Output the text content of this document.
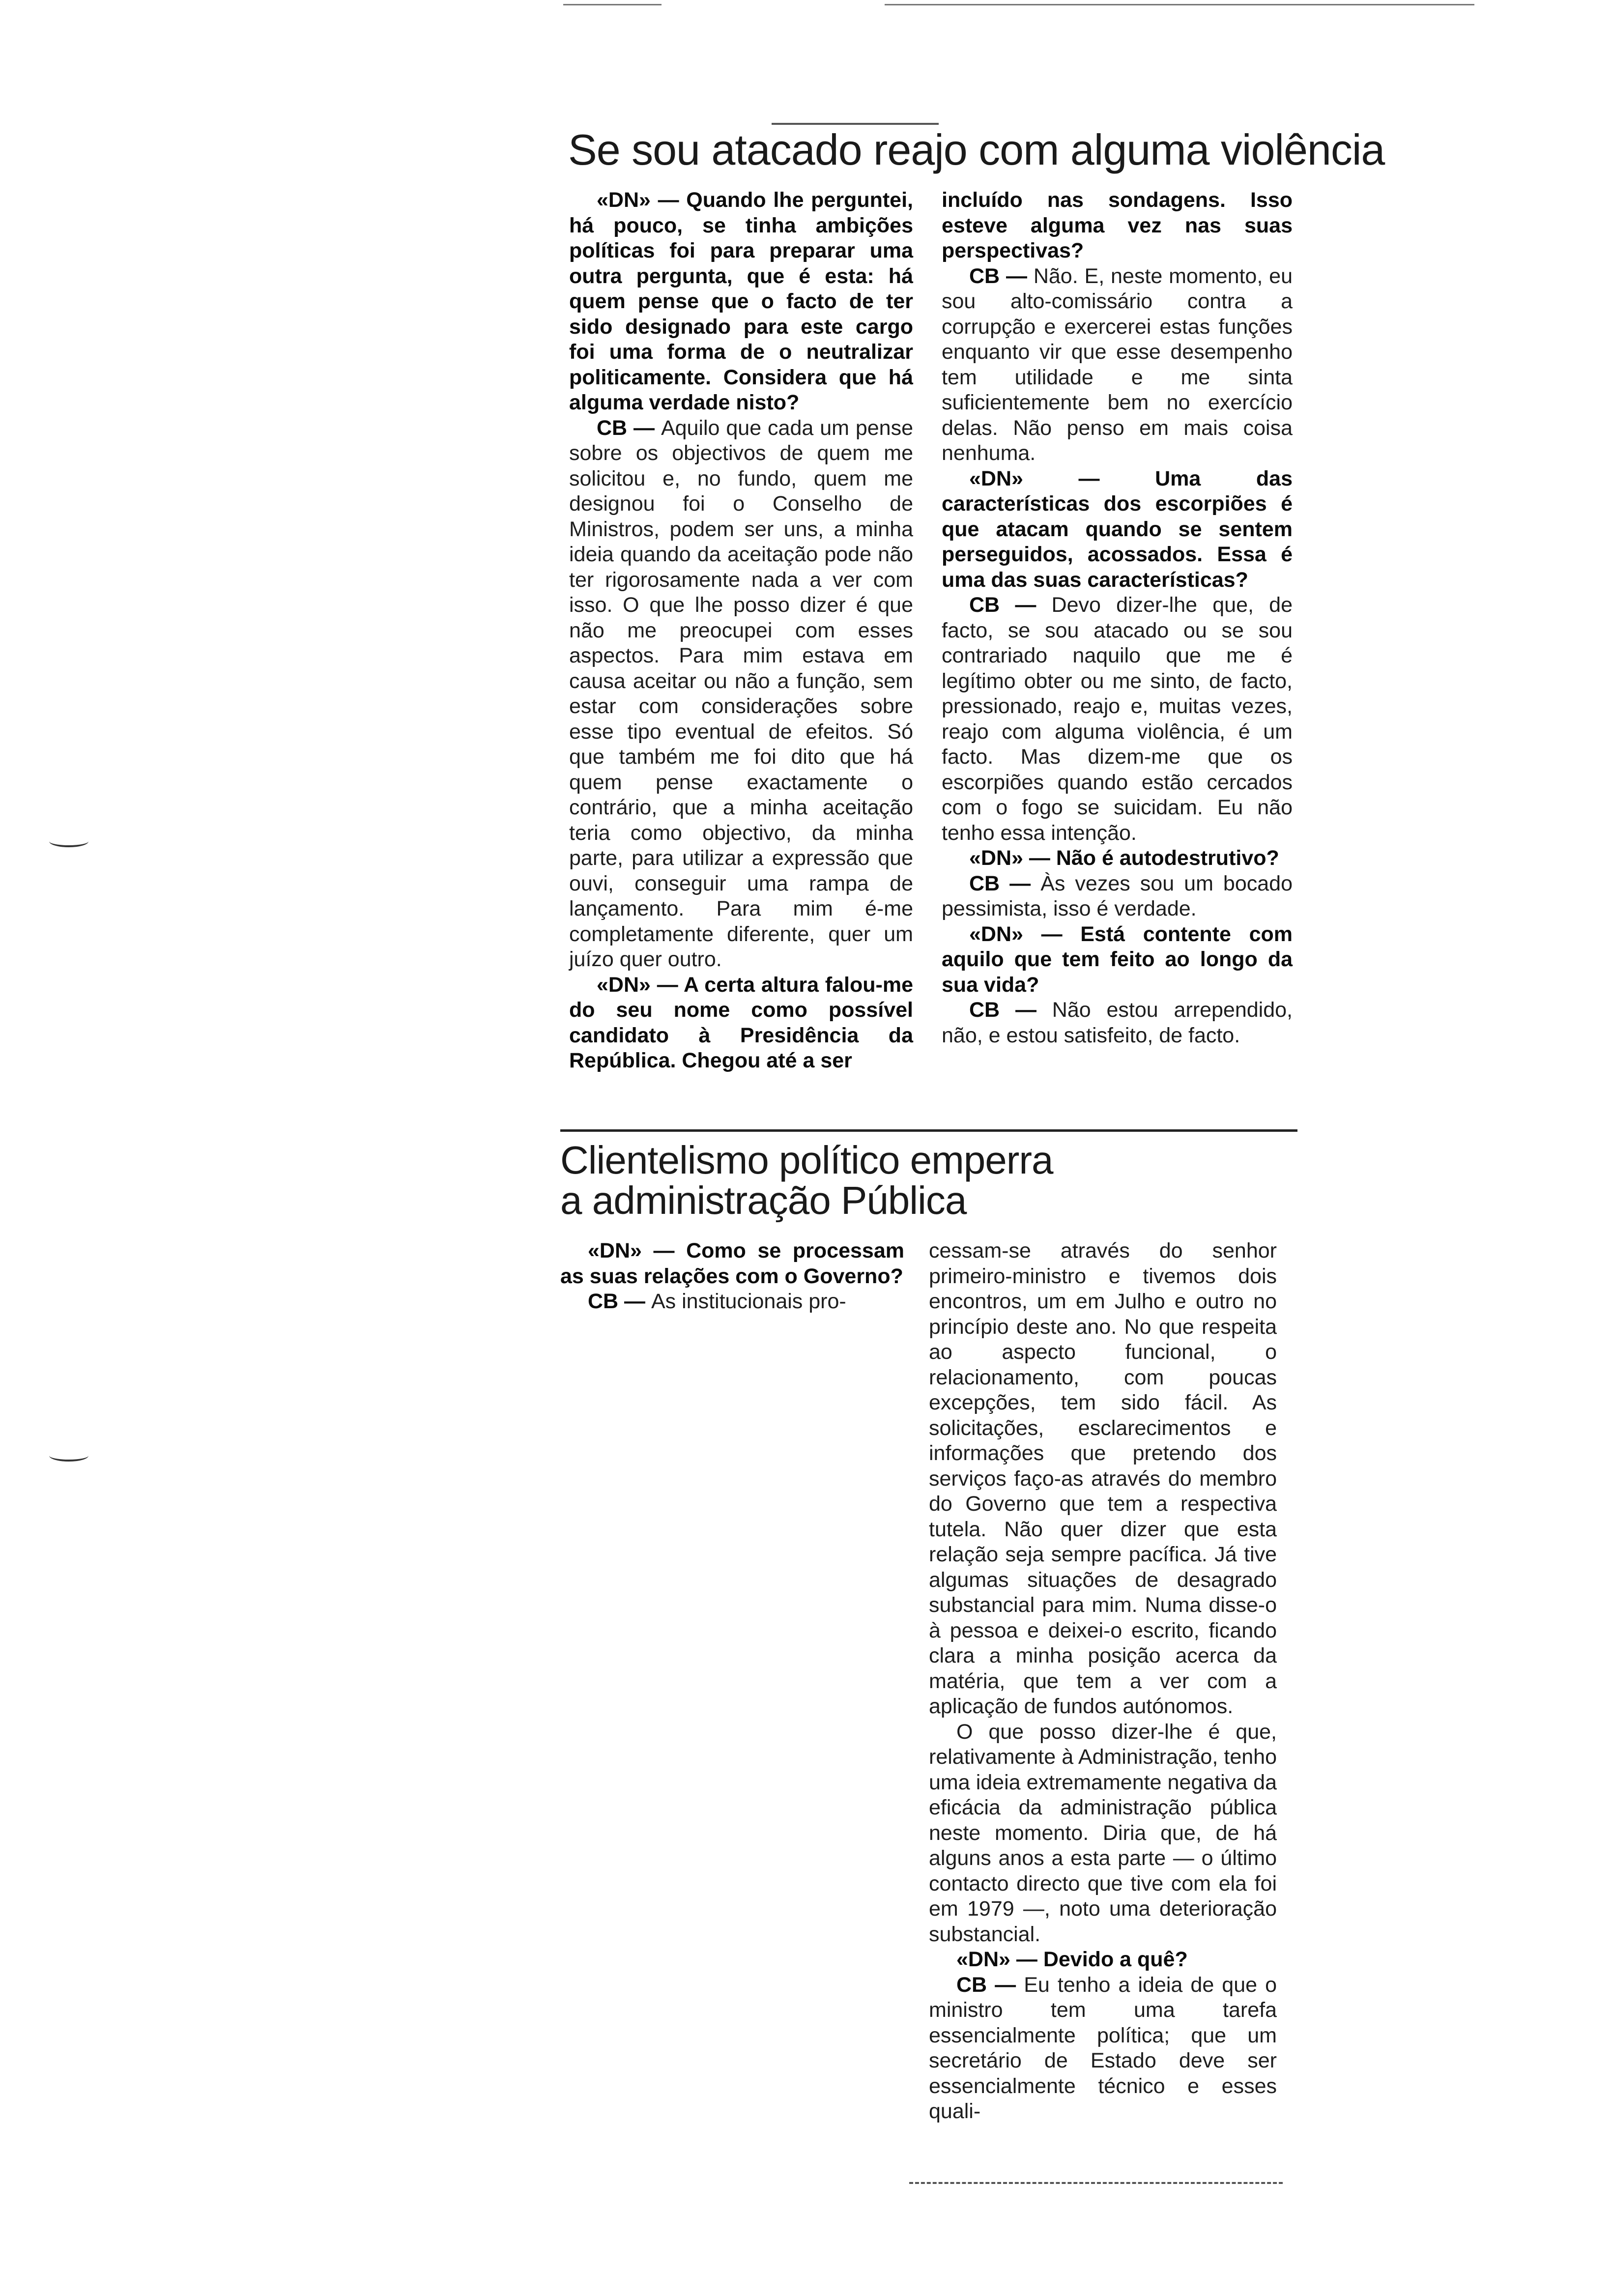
Se sou atacado reajo com alguma violência

«DN» — Quando lhe perguntei, há pouco, se tinha ambições políticas foi para preparar uma outra pergunta, que é esta: há quem pense que o facto de ter sido designado para este cargo foi uma forma de o neutralizar politicamente. Considera que há alguma verdade nisto?

CB — Aquilo que cada um pense sobre os objectivos de quem me solicitou e, no fundo, quem me designou foi o Conselho de Ministros, podem ser uns, a minha ideia quando da aceitação pode não ter rigorosamente nada a ver com isso. O que lhe posso dizer é que não me preocupei com esses aspectos. Para mim estava em causa aceitar ou não a função, sem estar com considerações sobre esse tipo eventual de efeitos. Só que também me foi dito que há quem pense exactamente o contrário, que a minha aceitação teria como objectivo, da minha parte, para utilizar a expressão que ouvi, conseguir uma rampa de lançamento. Para mim é-me completamente diferente, quer um juízo quer outro.

«DN» — A certa altura falou-me do seu nome como possível candidato à Presidência da República. Chegou até a ser

incluído nas sondagens. Isso esteve alguma vez nas suas perspectivas?

CB — Não. E, neste momento, eu sou alto-comissário contra a corrupção e exercerei estas funções enquanto vir que esse desempenho tem utilidade e me sinta suficientemente bem no exercício delas. Não penso em mais coisa nenhuma.

«DN» — Uma das características dos escorpiões é que atacam quando se sentem perseguidos, acossados. Essa é uma das suas características?

CB — Devo dizer-lhe que, de facto, se sou atacado ou se sou contrariado naquilo que me é legítimo obter ou me sinto, de facto, pressionado, reajo e, muitas vezes, reajo com alguma violência, é um facto. Mas dizem-me que os escorpiões quando estão cercados com o fogo se suicidam. Eu não tenho essa intenção.

«DN» — Não é autodestrutivo?

CB — Às vezes sou um bocado pessimista, isso é verdade.

«DN» — Está contente com aquilo que tem feito ao longo da sua vida?

CB — Não estou arrependido, não, e estou satisfeito, de facto.

Clientelismo político emperra
a administração Pública

«DN» — Como se processam as suas relações com o Governo?

CB — As institucionais pro-

cessam-se através do senhor primeiro-ministro e tivemos dois encontros, um em Julho e outro no princípio deste ano. No que respeita ao aspecto funcional, o relacionamento, com poucas excepções, tem sido fácil. As solicitações, esclarecimentos e informações que pretendo dos serviços faço-as através do membro do Governo que tem a respectiva tutela. Não quer dizer que esta relação seja sempre pacífica. Já tive algumas situações de desagrado substancial para mim. Numa disse-o à pessoa e deixei-o escrito, ficando clara a minha posição acerca da matéria, que tem a ver com a aplicação de fundos autónomos.

O que posso dizer-lhe é que, relativamente à Administração, tenho uma ideia extremamente negativa da eficácia da administração pública neste momento. Diria que, de há alguns anos a esta parte — o último contacto directo que tive com ela foi em 1979 —, noto uma deterioração substancial.

«DN» — Devido a quê?

CB — Eu tenho a ideia de que o ministro tem uma tarefa essencialmente política; que um secretário de Estado deve ser essencialmente técnico e esses quali-
